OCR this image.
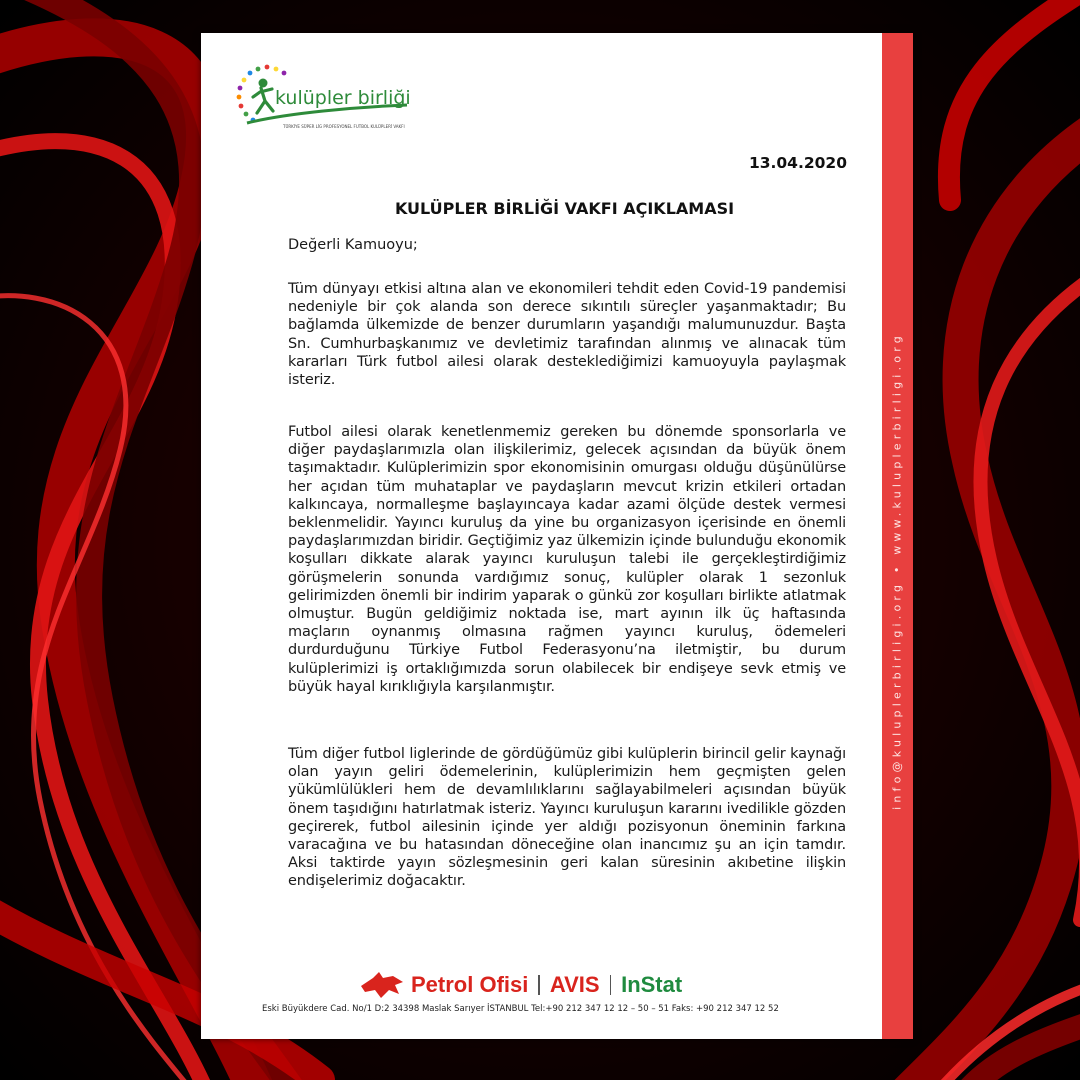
kulüpler birliği
TÜRKİYE SÜPER LİG PROFESYONEL FUTBOL KULÜPLERİ VAKFI
13.04.2020
KULÜPLER BİRLİĞİ VAKFI AÇIKLAMASI
Değerli Kamuoyu;

Tüm dünyayı etkisi altına alan ve ekonomileri tehdit eden Covid-19 pandemisi nedeniyle bir çok alanda son derece sıkıntılı süreçler yaşanmaktadır; Bu bağlamda ülkemizde de benzer durumların yaşandığı malumunuzdur. Başta Sn. Cumhurbaşkanımız ve devletimiz tarafından alınmış ve alınacak tüm kararları Türk futbol ailesi olarak desteklediğimizi kamuoyuyla paylaşmak isteriz.

Futbol ailesi olarak kenetlenmemiz gereken bu dönemde sponsorlarla ve diğer paydaşlarımızla olan ilişkilerimiz, gelecek açısından da büyük önem taşımaktadır. Kulüplerimizin spor ekonomisinin omurgası olduğu düşünülürse her açıdan tüm muhataplar ve paydaşların mevcut krizin etkileri ortadan kalkıncaya, normalleşme başlayıncaya kadar azami ölçüde destek vermesi beklenmelidir. Yayıncı kuruluş da yine bu organizasyon içerisinde en önemli paydaşlarımızdan biridir. Geçtiğimiz yaz ülkemizin içinde bulunduğu ekonomik koşulları dikkate alarak yayıncı kuruluşun talebi ile gerçekleştirdiğimiz görüşmelerin sonunda vardığımız sonuç, kulüpler olarak 1 sezonluk gelirimizden önemli bir indirim yaparak o günkü zor koşulları birlikte atlatmak olmuştur. Bugün geldiğimiz noktada ise, mart ayının ilk üç haftasında maçların oynanmış olmasına rağmen yayıncı kuruluş, ödemeleri durdurduğunu Türkiye Futbol Federasyonu’na iletmiştir, bu durum kulüplerimizi iş ortaklığımızda sorun olabilecek bir endişeye sevk etmiş ve büyük hayal kırıklığıyla karşılanmıştır.

Tüm diğer futbol liglerinde de gördüğümüz gibi kulüplerin birincil gelir kaynağı olan yayın geliri ödemelerinin, kulüplerimizin hem geçmişten gelen yükümlülükleri hem de devamlılıklarını sağlayabilmeleri açısından büyük önem taşıdığını hatırlatmak isteriz. Yayıncı kuruluşun kararını ivedilikle gözden geçirerek, futbol ailesinin içinde yer aldığı pozisyonun öneminin farkına varacağına ve bu hatasından döneceğine olan inancımız şu an için tamdır. Aksi taktirde yayın sözleşmesinin geri kalan süresinin akıbetine ilişkin endişelerimiz doğacaktır.

Petrol Ofisi AVIS InStat
Eski Büyükdere Cad. No/1 D:2 34398 Maslak Sarıyer İSTANBUL Tel:+90 212 347 12 12 – 50 – 51 Faks: +90 212 347 12 52
info@kuluplerbirligi.org • www.kuluplerbirligi.org
